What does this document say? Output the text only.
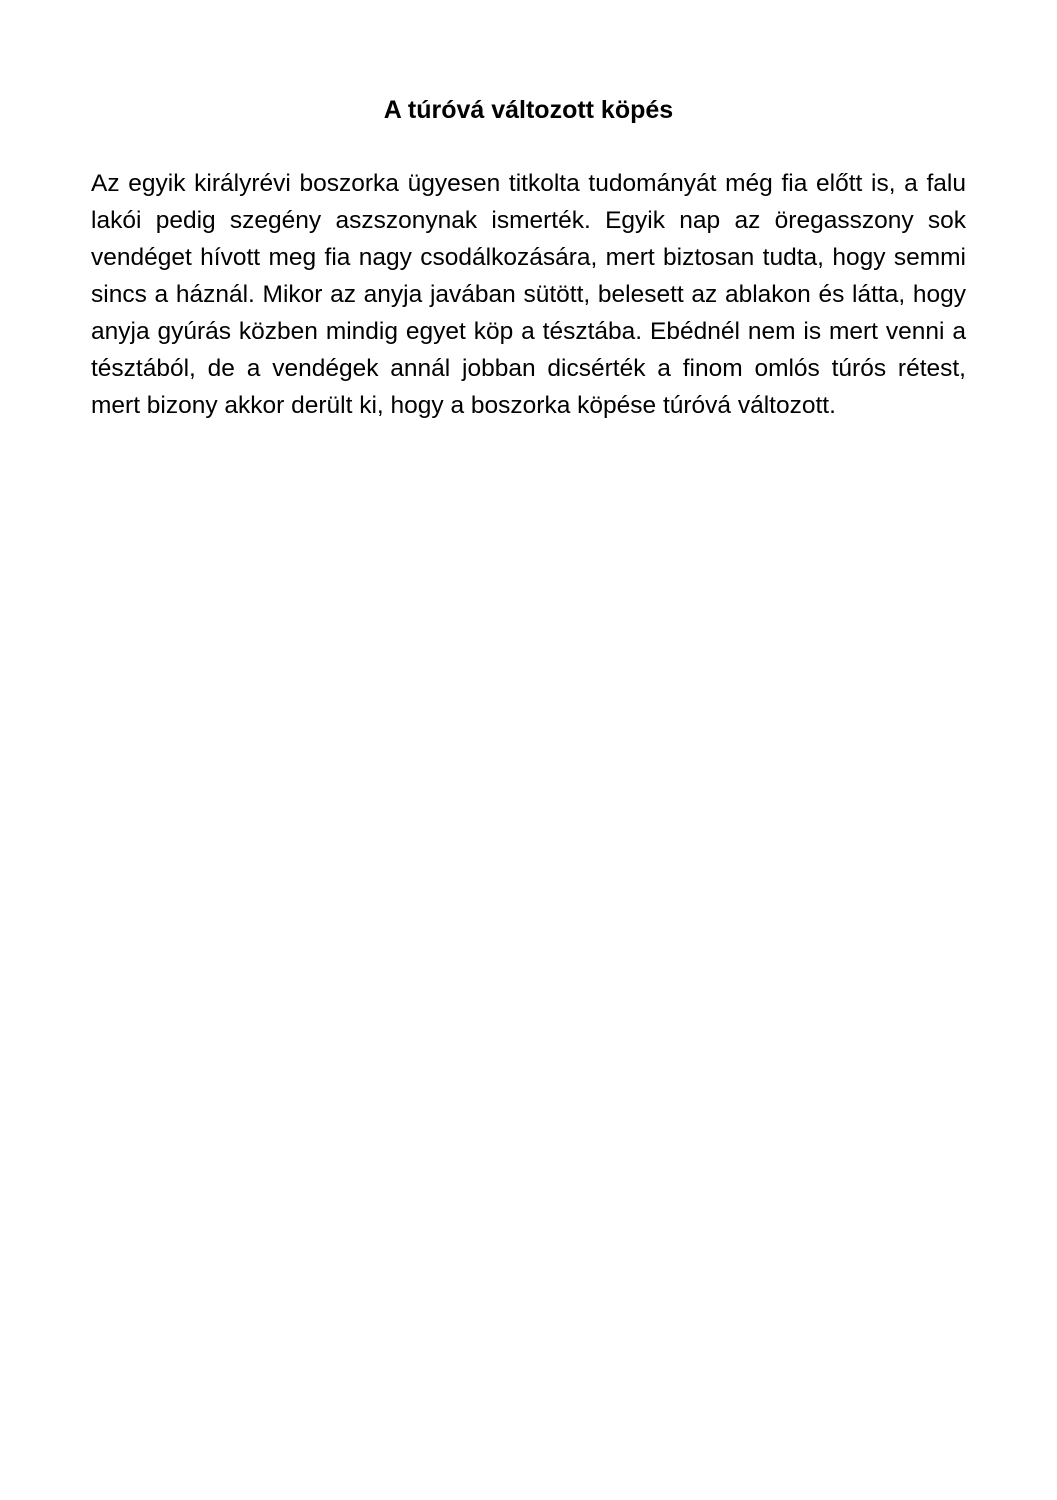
A túróvá változott köpés

Az egyik királyrévi boszorka ügyesen titkolta tudományát még fia előtt is, a falu lakói pedig szegény aszszonynak ismerték. Egyik nap az öregasszony sok vendéget hívott meg fia nagy csodálkozására, mert biztosan tudta, hogy semmi sincs a háznál. Mikor az anyja javában sütött, belesett az ablakon és látta, hogy anyja gyúrás közben mindig egyet köp a tésztába. Ebédnél nem is mert venni a tésztából, de a vendégek annál jobban dicsérték a finom omlós túrós rétest, mert bizony akkor derült ki, hogy a boszorka köpése túróvá változott.
